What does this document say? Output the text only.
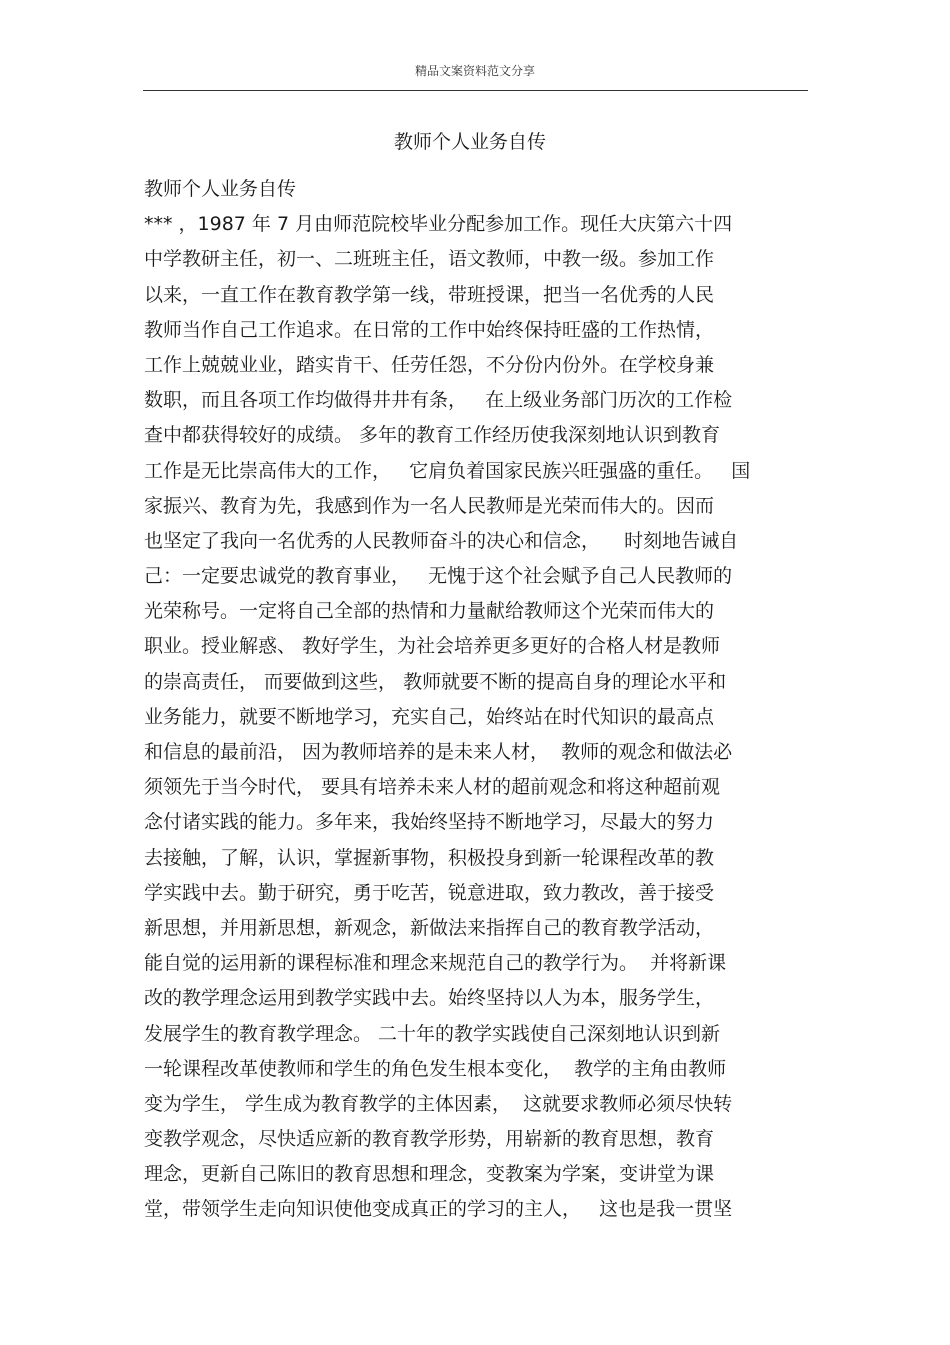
精品文案资料范文分享
教师个人业务自传
教师个人业务自传
*** ，1987 年 7 月由师范院校毕业分配参加工作。现任大庆第六十四
中学教研主任，初一、二班班主任，语文教师，中教一级。参加工作
以来，一直工作在教育教学第一线，带班授课，把当一名优秀的人民
教师当作自己工作追求。在日常的工作中始终保持旺盛的工作热情，
工作上兢兢业业，踏实肯干、任劳任怨，不分份内份外。在学校身兼
数职，而且各项工作均做得井井有条，   在上级业务部门历次的工作检
查中都获得较好的成绩。 多年的教育工作经历使我深刻地认识到教育
工作是无比崇高伟大的工作，   它肩负着国家民族兴旺强盛的重任。   国
家振兴、教育为先，我感到作为一名人民教师是光荣而伟大的。因而
也坚定了我向一名优秀的人民教师奋斗的决心和信念，    时刻地告诫自
己：一定要忠诚党的教育事业，   无愧于这个社会赋予自己人民教师的
光荣称号。一定将自己全部的热情和力量献给教师这个光荣而伟大的
职业。授业解惑、 教好学生，为社会培养更多更好的合格人材是教师
的崇高责任， 而要做到这些， 教师就要不断的提高自身的理论水平和
业务能力，就要不断地学习，充实自己，始终站在时代知识的最高点
和信息的最前沿， 因为教师培养的是未来人材，  教师的观念和做法必
须领先于当今时代， 要具有培养未来人材的超前观念和将这种超前观
念付诸实践的能力。多年来，我始终坚持不断地学习，尽最大的努力
去接触，了解，认识，掌握新事物，积极投身到新一轮课程改革的教
学实践中去。勤于研究，勇于吃苦，锐意进取，致力教改，善于接受
新思想，并用新思想，新观念，新做法来指挥自己的教育教学活动，
能自觉的运用新的课程标准和理念来规范自己的教学行为。  并将新课
改的教学理念运用到教学实践中去。始终坚持以人为本，服务学生，
发展学生的教育教学理念。 二十年的教学实践使自己深刻地认识到新
一轮课程改革使教师和学生的角色发生根本变化，  教学的主角由教师
变为学生， 学生成为教育教学的主体因素，  这就要求教师必须尽快转
变教学观念，尽快适应新的教育教学形势，用崭新的教育思想，教育
理念，更新自己陈旧的教育思想和理念，变教案为学案，变讲堂为课
堂，带领学生走向知识使他变成真正的学习的主人，   这也是我一贯坚
